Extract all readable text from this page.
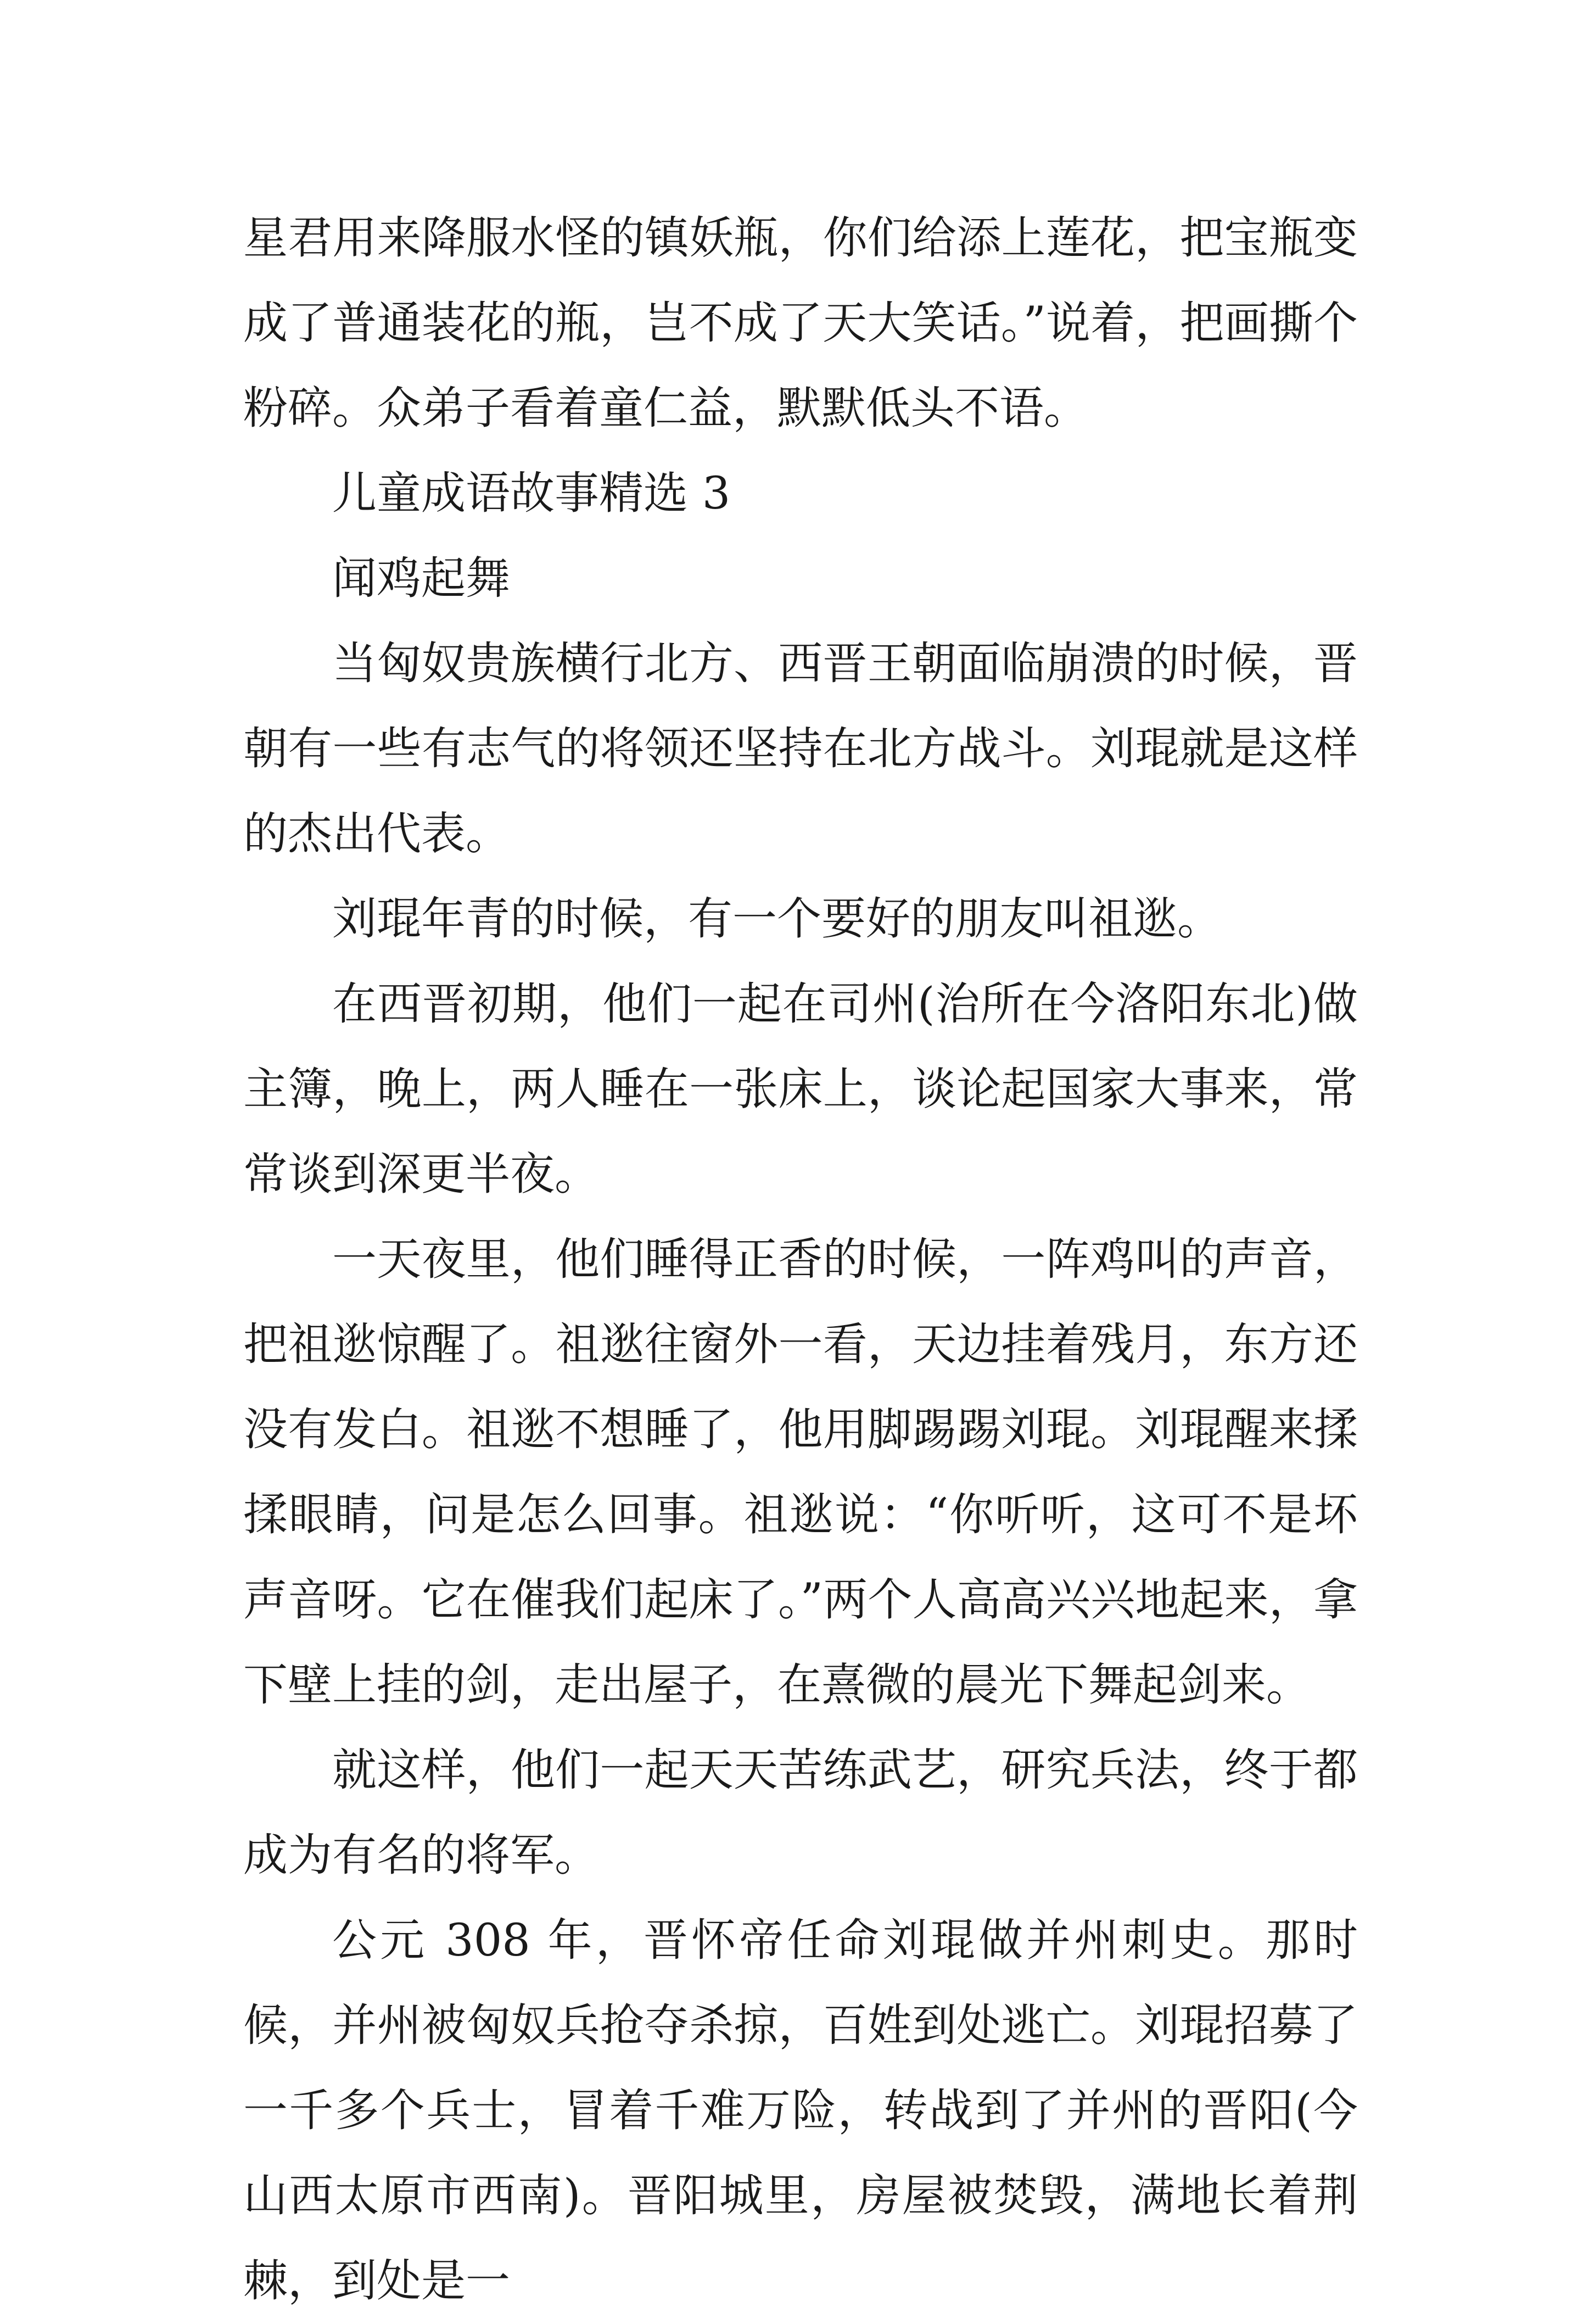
星君用来降服水怪的镇妖瓶，你们给添上莲花，把宝瓶变成了普通装花的瓶，岂不成了天大笑话。”说着，把画撕个粉碎。众弟子看着童仁益，默默低头不语。

儿童成语故事精选 3

闻鸡起舞

当匈奴贵族横行北方、西晋王朝面临崩溃的时候，晋朝有一些有志气的将领还坚持在北方战斗。刘琨就是这样的杰出代表。

刘琨年青的时候，有一个要好的朋友叫祖逖。

在西晋初期，他们一起在司州(治所在今洛阳东北)做主簿，晚上，两人睡在一张床上，谈论起国家大事来，常常谈到深更半夜。

一天夜里，他们睡得正香的时候，一阵鸡叫的声音，把祖逖惊醒了。祖逖往窗外一看，天边挂着残月，东方还没有发白。祖逖不想睡了，他用脚踢踢刘琨。刘琨醒来揉揉眼睛，问是怎么回事。祖逖说：“你听听，这可不是坏声音呀。它在催我们起床了。”两个人高高兴兴地起来，拿下壁上挂的剑，走出屋子，在熹微的晨光下舞起剑来。

就这样，他们一起天天苦练武艺，研究兵法，终于都成为有名的将军。

公元 308 年，晋怀帝任命刘琨做并州刺史。那时候，并州被匈奴兵抢夺杀掠，百姓到处逃亡。刘琨招募了一千多个兵士，冒着千难万险，转战到了并州的晋阳(今山西太原市西南)。晋阳城里，房屋被焚毁，满地长着荆棘，到处是一
